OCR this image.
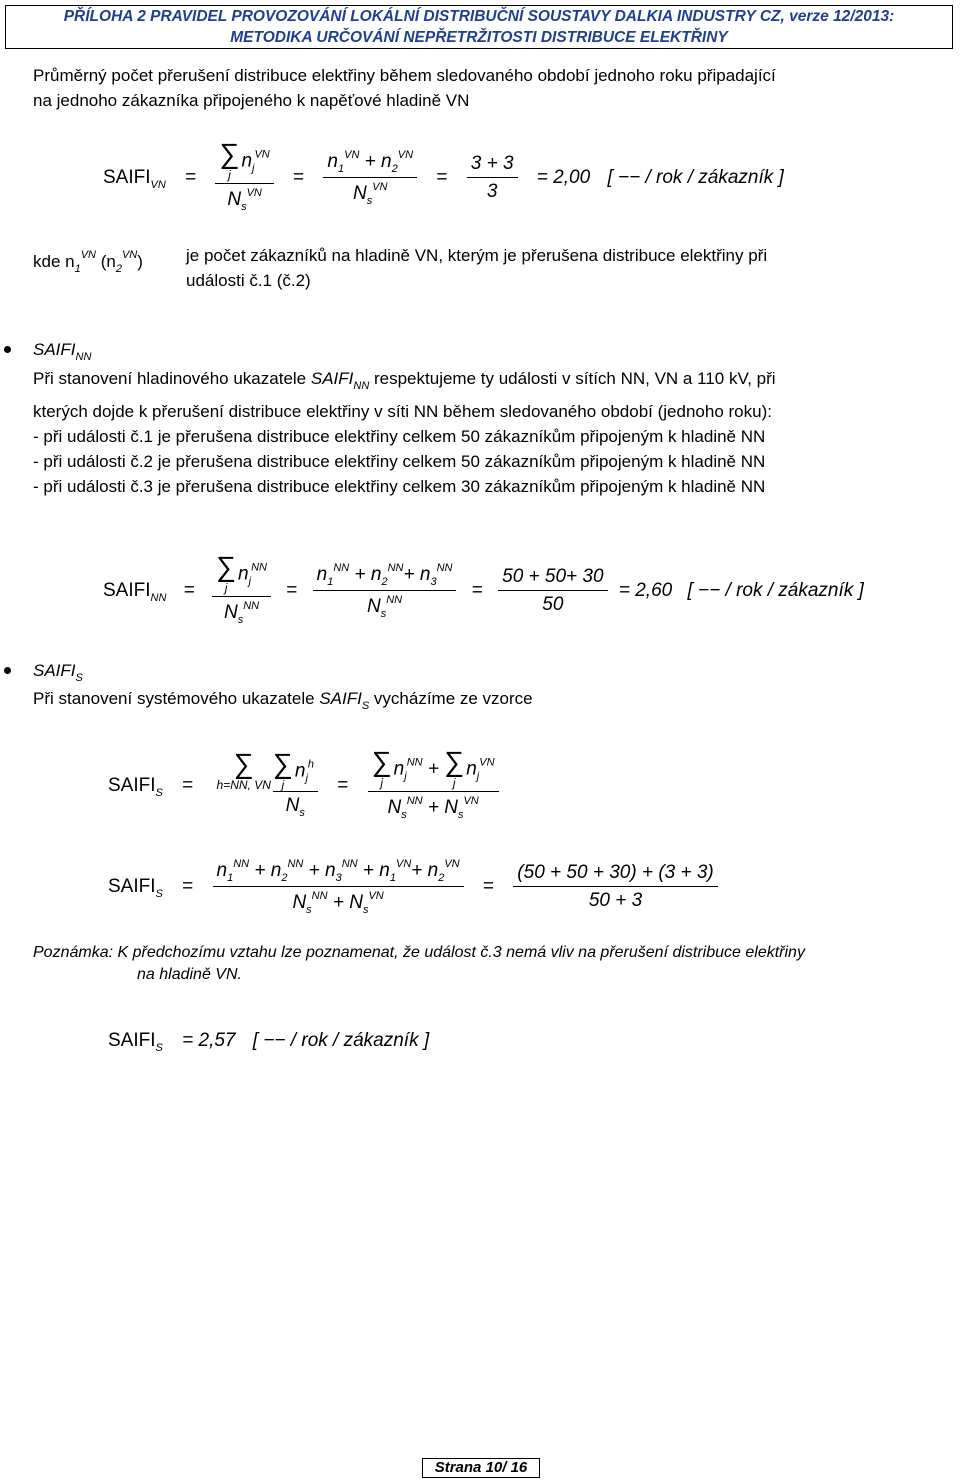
PŘÍLOHA 2 PRAVIDEL PROVOZOVÁNÍ LOKÁLNÍ DISTRIBUČNÍ SOUSTAVY DALKIA INDUSTRY CZ, verze 12/2013:
METODIKA URČOVÁNÍ NEPŘETRŽITOSTI DISTRIBUCE ELEKTŘINY
Průměrný počet přerušení distribuce elektřiny během sledovaného období jednoho roku připadající
na jednoho zákazníka připojeného k napěťové hladině VN
$SAIFI_{VN}$ = ∑
j
$n_j^{VN}$
$N_s^{VN} = \frac{n_1^{VN} + n_2^{VN}}{N_s^{VN}} = \frac{3 + 3}{3} = 2,00$ [ −− / rok / zákazník ]
kde $n_1^{VN}$ $(n_2^{VN})$	je počet zákazníků na hladině VN, kterým je přerušena distribuce elektřiny při
události č.1 (č.2)
$SAIFI_{NN}$
Při stanovení hladinového ukazatele $SAIFI_{NN}$ respektujeme ty události v sítích NN, VN a 110 kV, při
kterých dojde k přerušení distribuce elektřiny v síti NN během sledovaného období (jednoho roku):
- při události č.1 je přerušena distribuce elektřiny celkem 50 zákazníkům připojeným k hladině NN
- při události č.2 je přerušena distribuce elektřiny celkem 50 zákazníkům připojeným k hladině NN
- při události č.3 je přerušena distribuce elektřiny celkem 30 zákazníkům připojeným k hladině NN
$SAIFI_{NN}$ = ∑
j
$n_j^{NN}$
$N_s^{NN} = \frac{n_1^{NN} + n_2^{NN}+ n_3^{NN}}{N_s^{NN}} = \frac{50 + 50+ 30}{50} = 2,60$ [ −− / rok / zákazník ]
$SAIFI_S$
Při stanovení systémového ukazatele $SAIFI_S$ vycházíme ze vzorce
$SAIFI_S$ = ∑
h=NN, VN
∑
j
$n_j^h$
$N_s$ = ∑
j
$n_j^{NN}$ + ∑
j
$n_j^{VN}$
$N_s^{NN} + N_s^{VN}$
$SAIFI_S = \frac{n_1^{NN} + n_2^{NN} + n_3^{NN} + n_1^{VN}+ n_2^{VN}}{N_s^{NN} + N_s^{VN}} = \frac{(50 + 50 + 30) + (3 + 3)}{50 + 3}$
Poznámka: K předchozímu vztahu lze poznamenat, že událost č.3 nemá vliv na přerušení distribuce elektřiny
na hladině VN.
$SAIFI_S = 2,57$ [ −− / rok / zákazník ]
Strana 10/ 16
